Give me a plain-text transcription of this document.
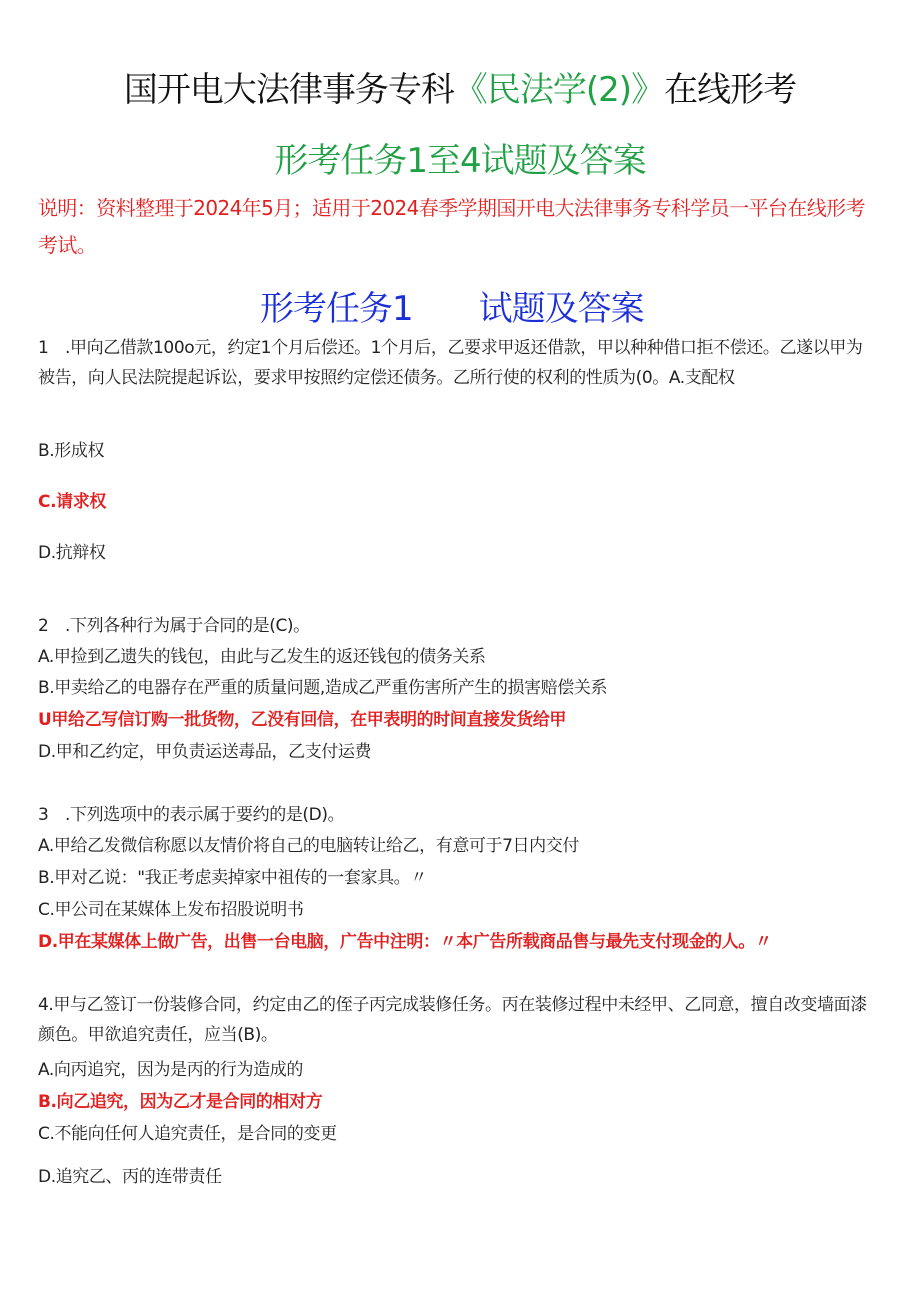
国开电大法律事务专科《民法学(2)》在线形考
形考任务1至4试题及答案
说明：资料整理于2024年5月；适用于2024春季学期国开电大法律事务专科学员一平台在线形考考试。
形考任务1 试题及答案
1　.甲向乙借款100o元，约定1个月后偿还。1个月后，乙要求甲返还借款，甲以种种借口拒不偿还。乙遂以甲为被告，向人民法院提起诉讼，要求甲按照约定偿还债务。乙所行使的权利的性质为(0。A.支配权
B.形成权
C.请求权
D.抗辩权
2　.下列各种行为属于合同的是(C)。
A.甲捡到乙遗失的钱包，由此与乙发生的返还钱包的债务关系
B.甲卖给乙的电器存在严重的质量问题,造成乙严重伤害所产生的损害赔偿关系
U甲给乙写信订购一批货物，乙没有回信，在甲表明的时间直接发货给甲
D.甲和乙约定，甲负责运送毒品，乙支付运费
3　.下列选项中的表示属于要约的是(D)。
A.甲给乙发微信称愿以友情价将自己的电脑转让给乙，有意可于7日内交付
B.甲对乙说："我正考虑卖掉家中祖传的一套家具。〃
C.甲公司在某媒体上发布招股说明书
D.甲在某媒体上做广告，出售一台电脑，广告中注明：〃本广告所载商品售与最先支付现金的人。〃
4.甲与乙签订一份装修合同，约定由乙的侄子丙完成装修任务。丙在装修过程中未经甲、乙同意，擅自改变墙面漆颜色。甲欲追究责任，应当(B)。
A.向丙追究，因为是丙的行为造成的
B.向乙追究，因为乙才是合同的相对方
C.不能向任何人追究责任，是合同的变更
D.追究乙、丙的连带责任
